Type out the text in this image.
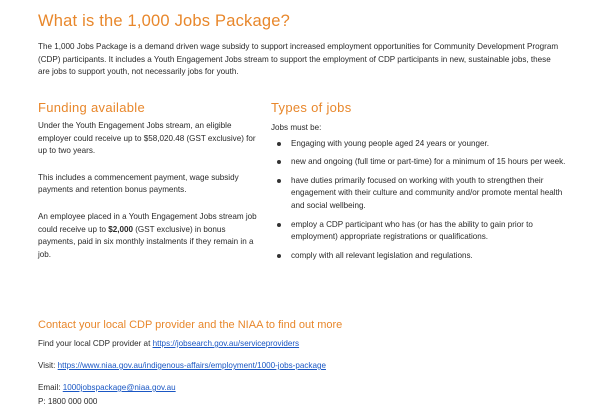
What is the 1,000 Jobs Package?

The 1,000 Jobs Package is a demand driven wage subsidy to support increased employment opportunities for Community Development Program (CDP) participants. It includes a Youth Engagement Jobs stream to support the employment of CDP participants in new, sustainable jobs, these are jobs to support youth, not necessarily jobs for youth.

Funding available	Types of jobs

Under the Youth Engagement Jobs stream, an eligible employer could receive up to $58,020.48 (GST exclusive) for up to two years.

This includes a commencement payment, wage subsidy payments and retention bonus payments.

An employee placed in a Youth Engagement Jobs stream job could receive up to $2,000 (GST exclusive) in bonus payments, paid in six monthly instalments if they remain in a job.

Jobs must be:

Engaging with young people aged 24 years or younger.
new and ongoing (full time or part-time) for a minimum of 15 hours per week.
have duties primarily focused on working with youth to strengthen their engagement with their culture and community and/or promote mental health and social wellbeing.
employ a CDP participant who has (or has the ability to gain prior to employment) appropriate registrations or qualifications.
comply with all relevant legislation and regulations.
Contact your local CDP provider and the NIAA to find out more
Find your local CDP provider at https://jobsearch.gov.au/serviceproviders
Visit: https://www.niaa.gov.au/indigenous-affairs/employment/1000-jobs-package
Email: 1000jobspackage@niaa.gov.au
P: 1800 000 000
